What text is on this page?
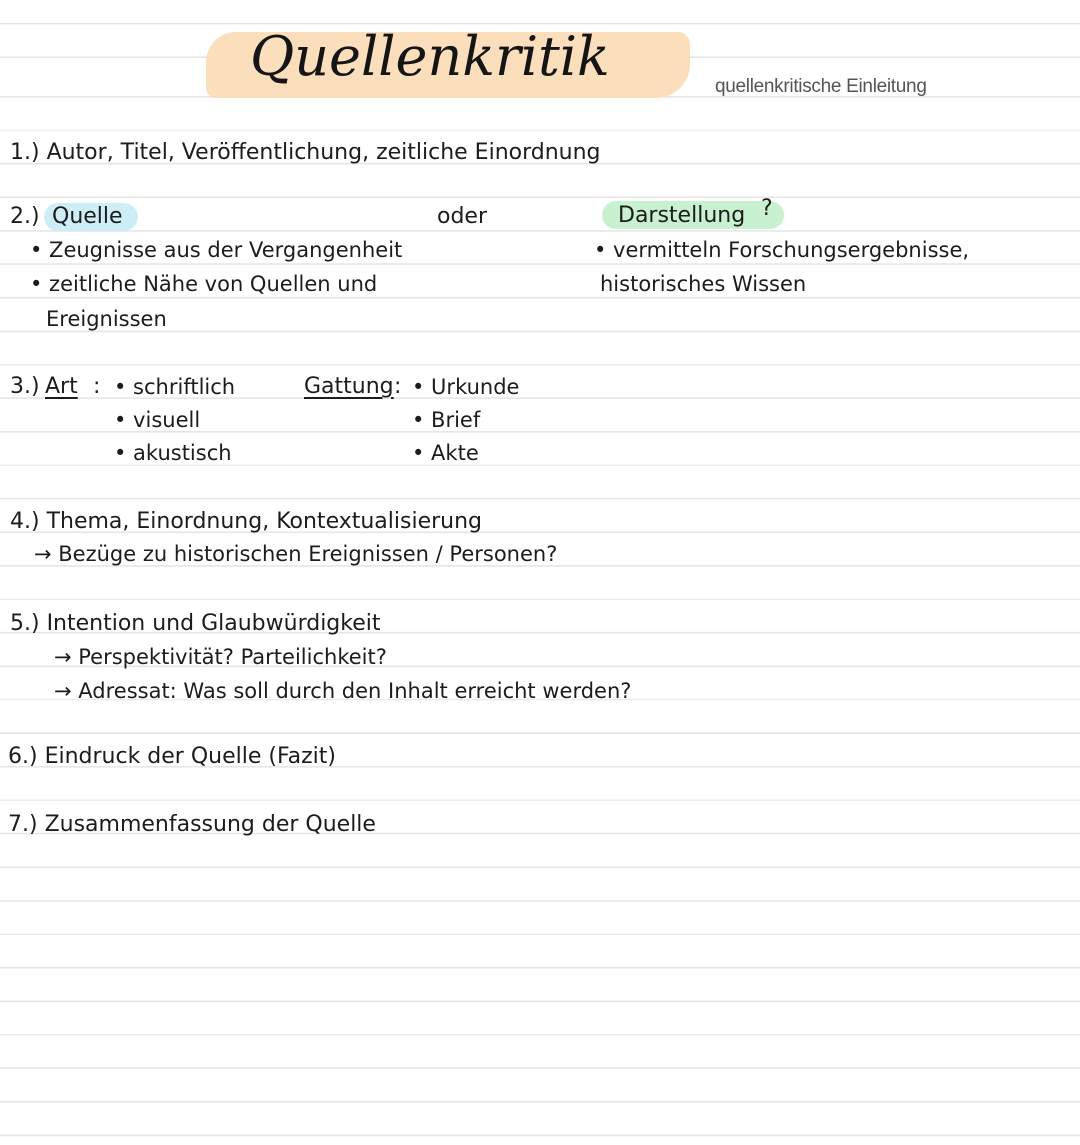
Quellenkritik	quellenkritische Einleitung
1.) Autor, Titel, Veröffentlichung, zeitliche Einordnung
2.) Quelle	oder	Darstellung ?
• Zeugnisse aus der Vergangenheit
• zeitliche Nähe von Quellen und
Ereignissen
• vermitteln Forschungsergebnisse,
historisches Wissen
3.) Art : • schriftlich
• visuell
• akustisch
Gattung : • Urkunde
• Brief
• Akte
4.) Thema, Einordnung, Kontextualisierung
→ Bezüge zu historischen Ereignissen / Personen?
5.) Intention und Glaubwürdigkeit
→ Perspektivität? Parteilichkeit?
→ Adressat: Was soll durch den Inhalt erreicht werden?
6.) Eindruck der Quelle (Fazit)
7.) Zusammenfassung der Quelle
